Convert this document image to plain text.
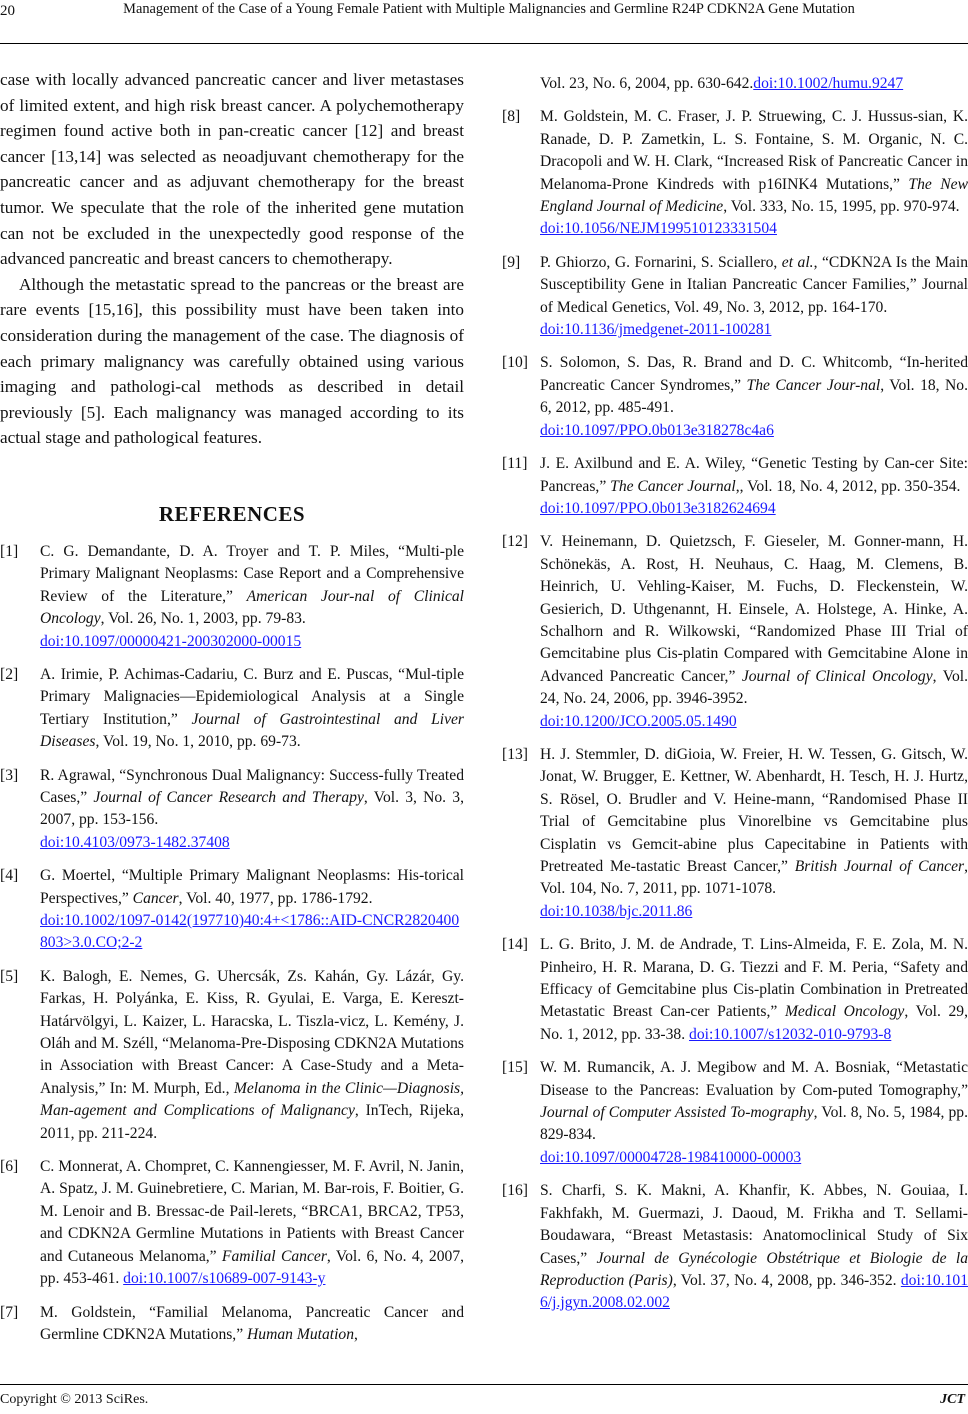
20	Management of the Case of a Young Female Patient with Multiple Malignancies and Germline R24P CDKN2A Gene Mutation

case with locally advanced pancreatic cancer and liver metastases of limited extent, and high risk breast cancer. A polychemotherapy regimen found active both in pan-creatic cancer [12] and breast cancer [13,14] was selected as neoadjuvant chemotherapy for the pancreatic cancer and as adjuvant chemotherapy for the breast tumor. We speculate that the role of the inherited gene mutation can not be excluded in the unexpectedly good response of the advanced pancreatic and breast cancers to chemotherapy.

Although the metastatic spread to the pancreas or the breast are rare events [15,16], this possibility must have been taken into consideration during the management of the case. The diagnosis of each primary malignancy was carefully obtained using various imaging and pathologi-cal methods as described in detail previously [5]. Each malignancy was managed according to its actual stage and pathological features.

REFERENCES
[1]	C. G. Demandante, D. A. Troyer and T. P. Miles, “Multi-ple Primary Malignant Neoplasms: Case Report and a Comprehensive Review of the Literature,” American Jour-nal of Clinical Oncology, Vol. 26, No. 1, 2003, pp. 79-83.
doi:10.1097/00000421-200302000-00015
[2]	A. Irimie, P. Achimas-Cadariu, C. Burz and E. Puscas, “Mul-tiple Primary Malignacies—Epidemiological Analysis at a Single Tertiary Institution,” Journal of Gastrointestinal and Liver Diseases, Vol. 19, No. 1, 2010, pp. 69-73.
[3]	R. Agrawal, “Synchronous Dual Malignancy: Success-fully Treated Cases,” Journal of Cancer Research and Therapy, Vol. 3, No. 3, 2007, pp. 153-156.
doi:10.4103/0973-1482.37408
[4]	G. Moertel, “Multiple Primary Malignant Neoplasms: His-torical Perspectives,” Cancer, Vol. 40, 1977, pp. 1786-1792.
doi:10.1002/1097-0142(197710)40:4+<1786::AID-CNCR2820400803>3.0.CO;2-2
[5]	K. Balogh, E. Nemes, G. Uhercsák, Zs. Kahán, Gy. Lázár, Gy. Farkas, H. Polyánka, E. Kiss, R. Gyulai, E. Varga, E. Kereszt-Határvölgyi, L. Kaizer, L. Haracska, L. Tiszla-vicz, L. Kemény, J. Oláh and M. Széll, “Melanoma-Pre-Disposing CDKN2A Mutations in Association with Breast Cancer: A Case-Study and a Meta-Analysis,” In: M. Murph, Ed., Melanoma in the Clinic—Diagnosis, Man-agement and Complications of Malignancy, InTech, Rijeka, 2011, pp. 211-224.
[6]	C. Monnerat, A. Chompret, C. Kannengiesser, M. F. Avril, N. Janin, A. Spatz, J. M. Guinebretiere, C. Marian, M. Bar-rois, F. Boitier, G. M. Lenoir and B. Bressac-de Pail-lerets, “BRCA1, BRCA2, TP53, and CDKN2A Germline Mutations in Patients with Breast Cancer and Cutaneous Melanoma,” Familial Cancer, Vol. 6, No. 4, 2007, pp. 453-461. doi:10.1007/s10689-007-9143-y
[7]	M. Goldstein, “Familial Melanoma, Pancreatic Cancer and Germline CDKN2A Mutations,” Human Mutation,
Vol. 23, No. 6, 2004, pp. 630-642.doi:10.1002/humu.9247
[8]	M. Goldstein, M. C. Fraser, J. P. Struewing, C. J. Hussus-sian, K. Ranade, D. P. Zametkin, L. S. Fontaine, S. M. Organic, N. C. Dracopoli and W. H. Clark, “Increased Risk of Pancreatic Cancer in Melanoma-Prone Kindreds with p16INK4 Mutations,” The New England Journal of Medicine, Vol. 333, No. 15, 1995, pp. 970-974.
doi:10.1056/NEJM199510123331504
[9]	P. Ghiorzo, G. Fornarini, S. Sciallero, et al., “CDKN2A Is the Main Susceptibility Gene in Italian Pancreatic Cancer Families,” Journal of Medical Genetics, Vol. 49, No. 3, 2012, pp. 164-170.
doi:10.1136/jmedgenet-2011-100281
[10] S. Solomon, S. Das, R. Brand and D. C. Whitcomb, “In-herited Pancreatic Cancer Syndromes,” The Cancer Jour-nal, Vol. 18, No. 6, 2012, pp. 485-491.
doi:10.1097/PPO.0b013e318278c4a6
[11] J. E. Axilbund and E. A. Wiley, “Genetic Testing by Can-cer Site: Pancreas,” The Cancer Journal,, Vol. 18, No. 4, 2012, pp. 350-354.
doi:10.1097/PPO.0b013e3182624694
[12] V. Heinemann, D. Quietzsch, F. Gieseler, M. Gonner-mann, H. Schönekäs, A. Rost, H. Neuhaus, C. Haag, M. Clemens, B. Heinrich, U. Vehling-Kaiser, M. Fuchs, D. Fleckenstein, W. Gesierich, D. Uthgenannt, H. Einsele, A. Holstege, A. Hinke, A. Schalhorn and R. Wilkowski, “Randomized Phase III Trial of Gemcitabine plus Cis-platin Compared with Gemcitabine Alone in Advanced Pancreatic Cancer,” Journal of Clinical Oncology, Vol. 24, No. 24, 2006, pp. 3946-3952.
doi:10.1200/JCO.2005.05.1490
[13] H. J. Stemmler, D. diGioia, W. Freier, H. W. Tessen, G. Gitsch, W. Jonat, W. Brugger, E. Kettner, W. Abenhardt, H. Tesch, H. J. Hurtz, S. Rösel, O. Brudler and V. Heine-mann, “Randomised Phase II Trial of Gemcitabine plus Vinorelbine vs Gemcitabine plus Cisplatin vs Gemcit-abine plus Capecitabine in Patients with Pretreated Me-tastatic Breast Cancer,” British Journal of Cancer, Vol. 104, No. 7, 2011, pp. 1071-1078.
doi:10.1038/bjc.2011.86
[14] L. G. Brito, J. M. de Andrade, T. Lins-Almeida, F. E. Zola, M. N. Pinheiro, H. R. Marana, D. G. Tiezzi and F. M. Peria, “Safety and Efficacy of Gemcitabine plus Cis-platin Combination in Pretreated Metastatic Breast Can-cer Patients,” Medical Oncology, Vol. 29, No. 1, 2012, pp. 33-38. doi:10.1007/s12032-010-9793-8
[15] W. M. Rumancik, A. J. Megibow and M. A. Bosniak, “Metastatic Disease to the Pancreas: Evaluation by Com-puted Tomography,” Journal of Computer Assisted To-mography, Vol. 8, No. 5, 1984, pp. 829-834.
doi:10.1097/00004728-198410000-00003
[16] S. Charfi, S. K. Makni, A. Khanfir, K. Abbes, N. Gouiaa, I. Fakhfakh, M. Guermazi, J. Daoud, M. Frikha and T. Sellami-Boudawara, “Breast Metastasis: Anatomoclinical Study of Six Cases,” Journal de Gynécologie Obstétrique et Biologie de la Reproduction (Paris), Vol. 37, No. 4, 2008, pp. 346-352. doi:10.1016/j.jgyn.2008.02.002
Copyright © 2013 SciRes.	JCT
